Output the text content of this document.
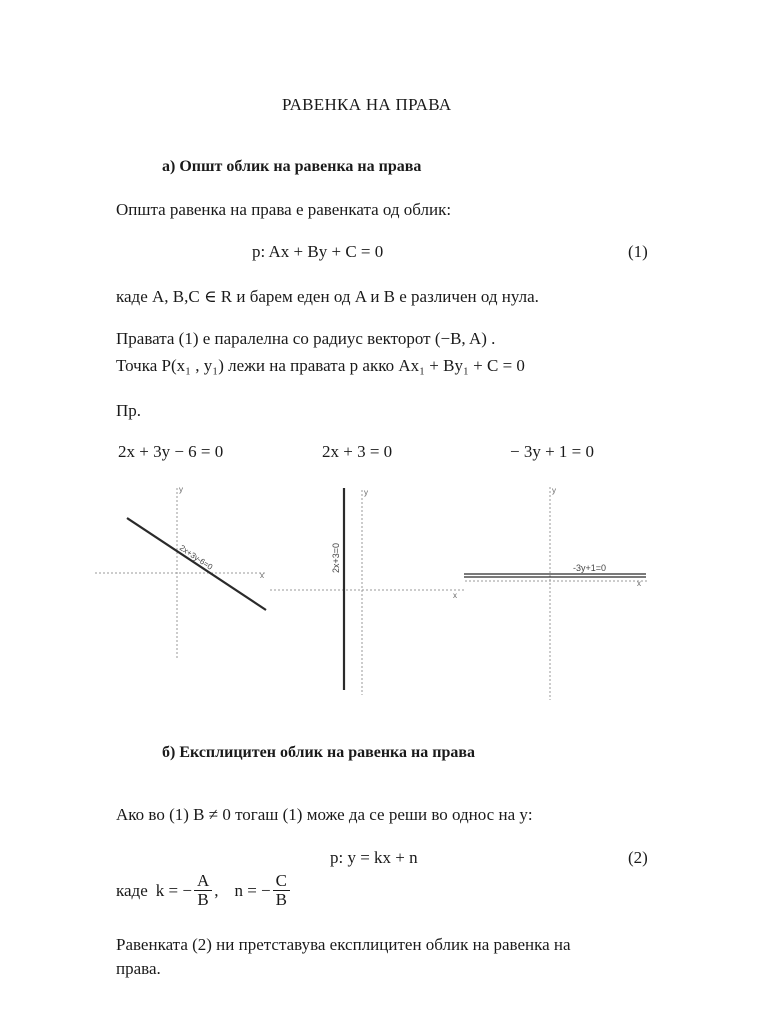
РАВЕНКА НА ПРАВА
а) Општ облик на равенка на права
Општа равенка на права е равенката од облик:
p: Ax + By + C = 0	(1)
каде A, B,C ∈ R и барем еден од A и B е различен од нула.
Правата (1) е паралелна со радиус векторот (−B, A) .
Точка P(x₁ , y₁) лежи на правата p акко Ax₁ + By₁ + C = 0
Пр.
2x + 3y − 6 = 0	2x + 3 = 0	− 3y + 1 = 0
x
y
2x+3y-6=0
x
y
2x+3=0
x
y
-3y+1=0
б) Експлицитен облик на равенка на права
Ако во (1) B ≠ 0 тогаш (1) може да се реши во однос на y:
p: y = kx + n	(2)
каде k = − $\frac{A}{B}$ , n = − $\frac{C}{B}$
Равенката (2) ни претставува експлицитен облик на равенка на
права.
